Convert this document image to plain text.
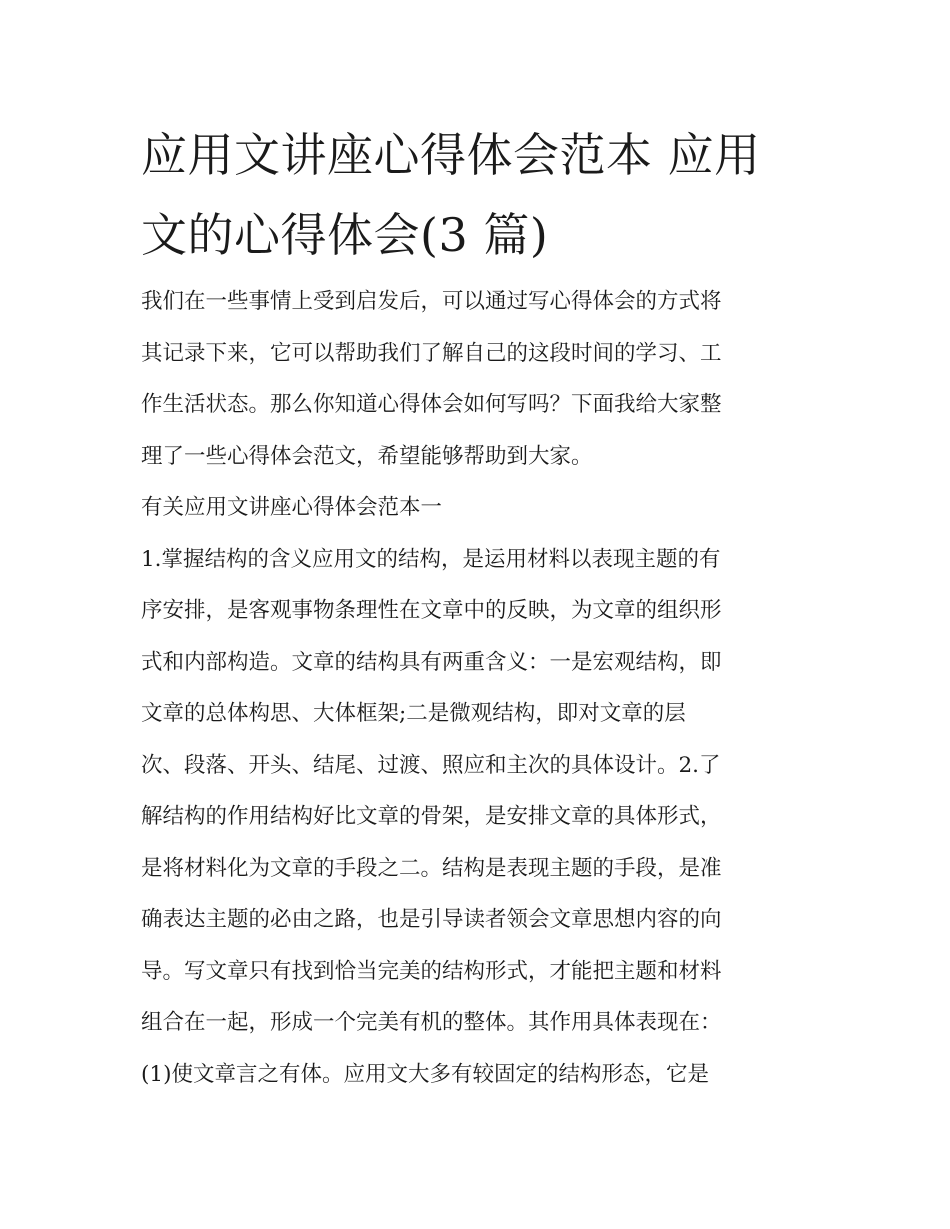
应用文讲座心得体会范本 应用
文的心得体会(3 篇)

我们在一些事情上受到启发后，可以通过写心得体会的方式将
其记录下来，它可以帮助我们了解自己的这段时间的学习、工
作生活状态。那么你知道心得体会如何写吗？下面我给大家整
理了一些心得体会范文，希望能够帮助到大家。

有关应用文讲座心得体会范本一

1.掌握结构的含义应用文的结构，是运用材料以表现主题的有
序安排，是客观事物条理性在文章中的反映，为文章的组织形
式和内部构造。文章的结构具有两重含义：一是宏观结构，即
文章的总体构思、大体框架;二是微观结构，即对文章的层
次、段落、开头、结尾、过渡、照应和主次的具体设计。2.了
解结构的作用结构好比文章的骨架，是安排文章的具体形式，
是将材料化为文章的手段之二。结构是表现主题的手段，是准
确表达主题的必由之路，也是引导读者领会文章思想内容的向
导。写文章只有找到恰当完美的结构形式，才能把主题和材料
组合在一起，形成一个完美有机的整体。其作用具体表现在：
(1)使文章言之有体。应用文大多有较固定的结构形态，它是
